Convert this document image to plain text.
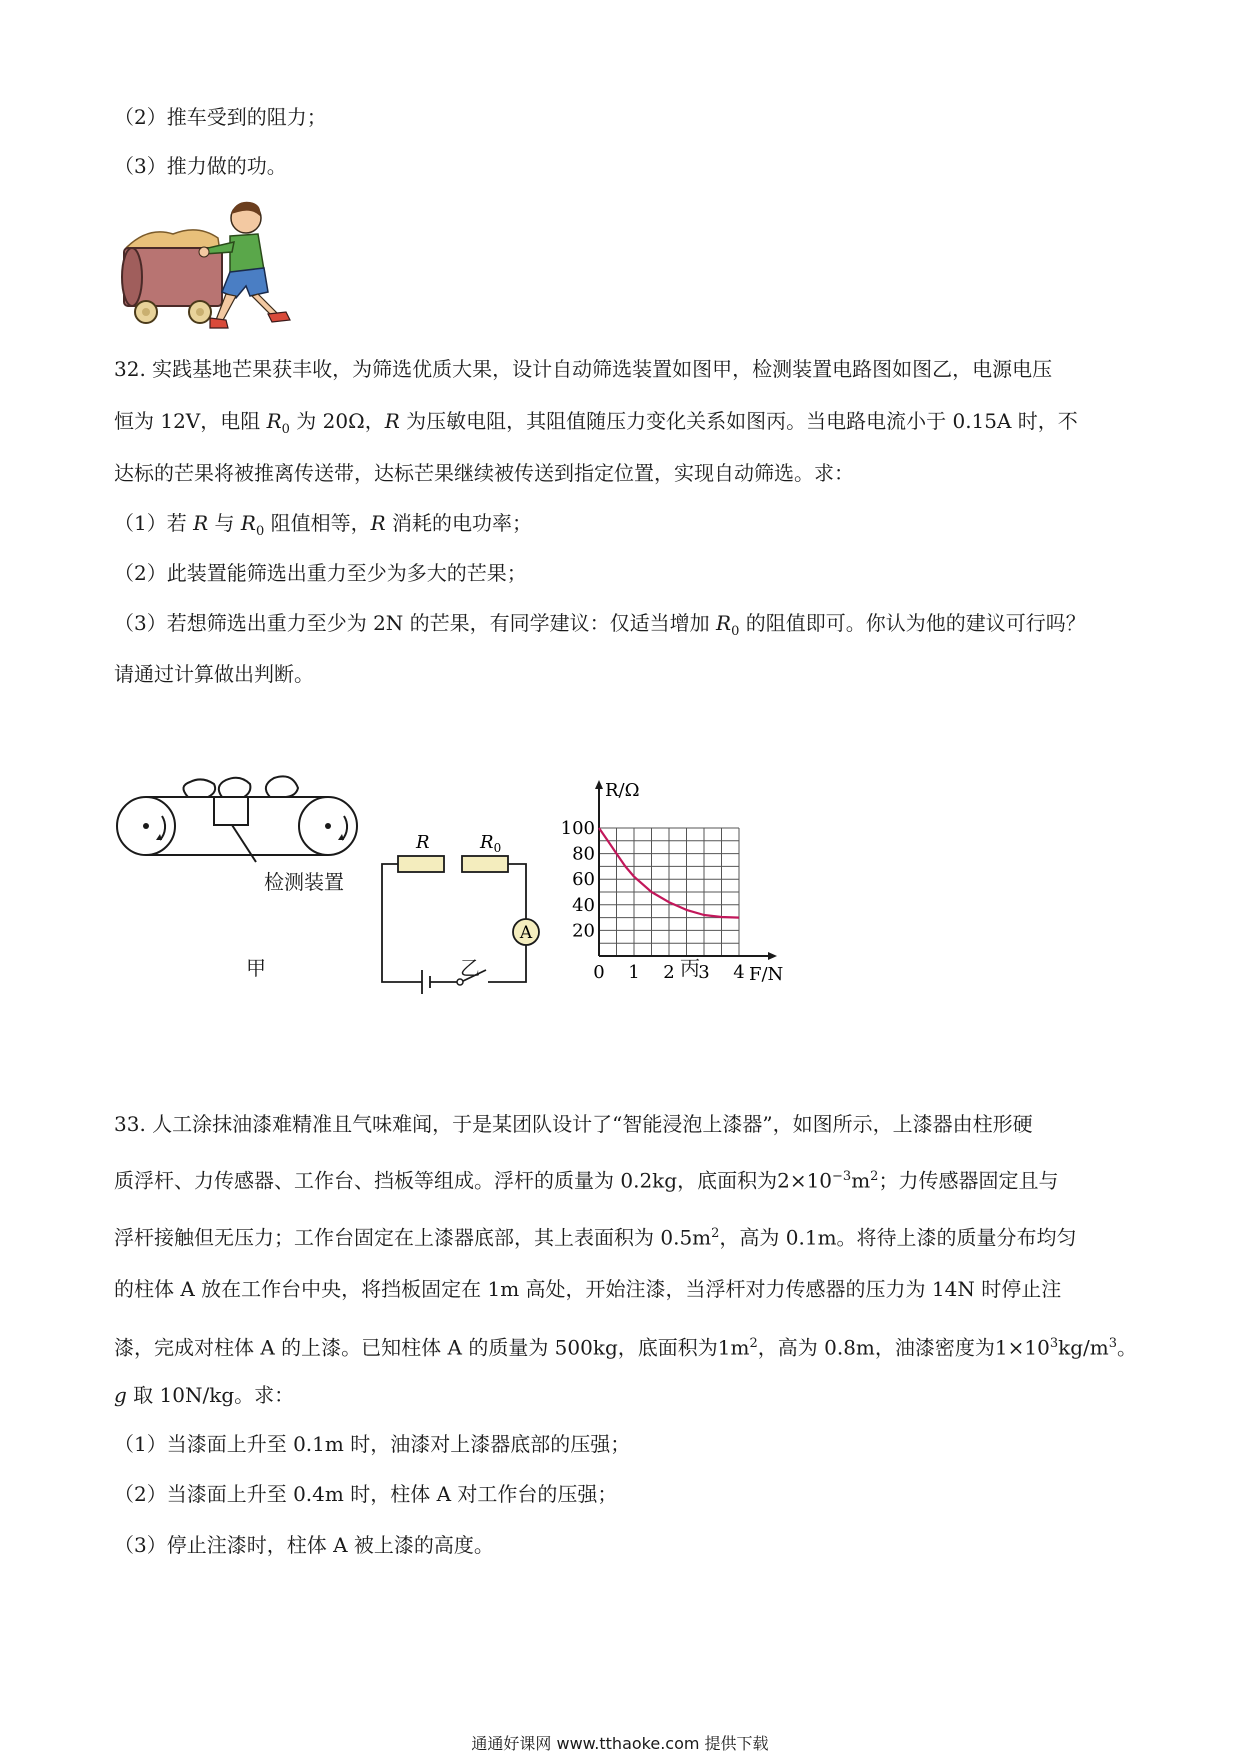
（2）推车受到的阻力；
（3）推力做的功。
32. 实践基地芒果获丰收，为筛选优质大果，设计自动筛选装置如图甲，检测装置电路图如图乙，电源电压
恒为 12V，电阻 $R_0$ 为 20Ω，R 为压敏电阻，其阻值随压力变化关系如图丙。当电路电流小于 0.15A 时，不
达标的芒果将被推离传送带，达标芒果继续被传送到指定位置，实现自动筛选。求：
（1）若 R 与 $R_0$ 阻值相等，R 消耗的电功率；
（2）此装置能筛选出重力至少为多大的芒果；
（3）若想筛选出重力至少为 2N 的芒果，有同学建议：仅适当增加 $R_0$ 的阻值即可。你认为他的建议可行吗？
请通过计算做出判断。
检测装置
甲
A
R	$R_0$
乙	0 1 2 3 4
20
40
60
80
100
R/Ω
F/N
丙
33. 人工涂抹油漆难精准且气味难闻，于是某团队设计了“智能浸泡上漆器”，如图所示，上漆器由柱形硬
质浮杆、力传感器、工作台、挡板等组成。浮杆的质量为 0.2kg，底面积为$2\times 10^{-3}m^2$；力传感器固定且与
浮杆接触但无压力；工作台固定在上漆器底部，其上表面积为 $0.5m^2$，高为 0.1m。将待上漆的质量分布均匀
的柱体 A 放在工作台中央，将挡板固定在 1m 高处，开始注漆，当浮杆对力传感器的压力为 14N 时停止注
漆，完成对柱体 A 的上漆。已知柱体 A 的质量为 500kg，底面积为$1m^2$，高为 0.8m，油漆密度为$1\times 10^3kg/m^3$。
g 取 10N/kg。求：
（1）当漆面上升至 0.1m 时，油漆对上漆器底部的压强；
（2）当漆面上升至 0.4m 时，柱体 A 对工作台的压强；
（3）停止注漆时，柱体 A 被上漆的高度。
通通好课网 www.tthaoke.com 提供下载
